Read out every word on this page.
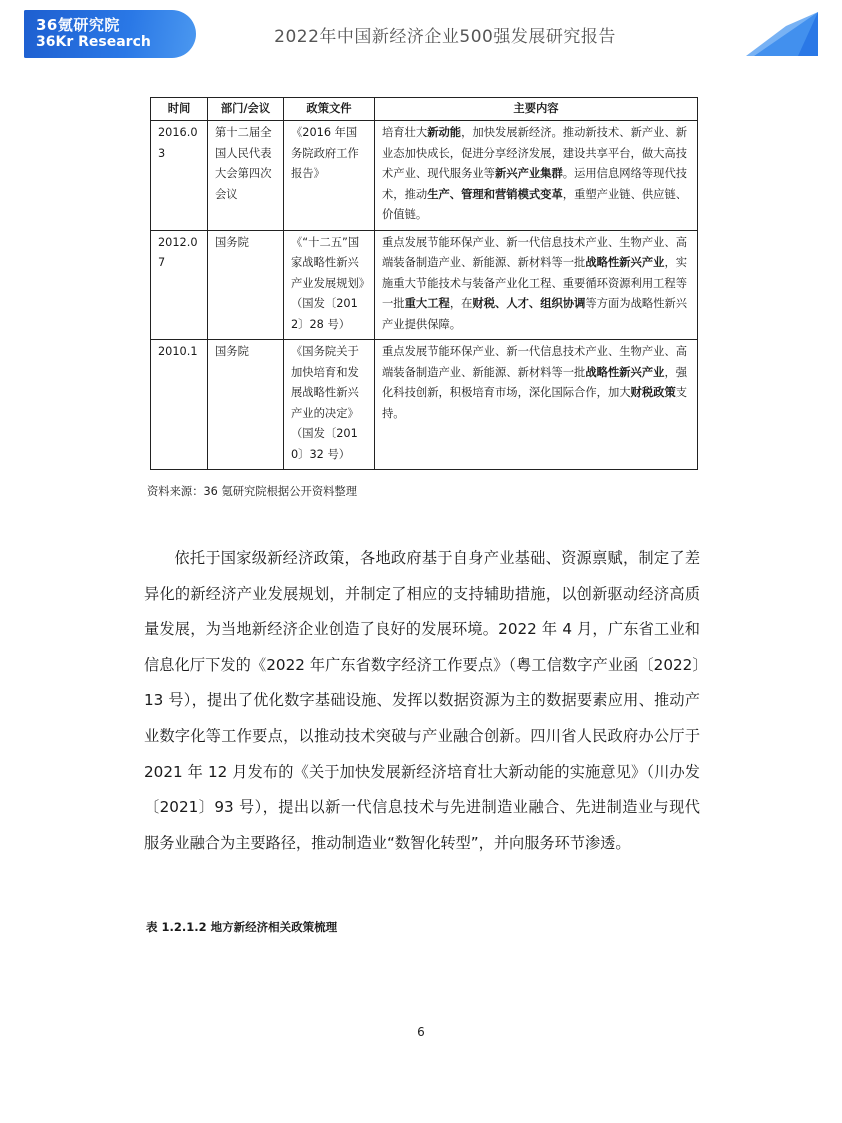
36氪研究院
36Kr Research	2022年中国新经济企业500强发展研究报告
时间	部门/会议	政策文件	主要内容
2016.03	第十二届全国人民代表大会第四次会议	《2016 年国务院政府工作报告》	培育壮大新动能，加快发展新经济。推动新技术、新产业、新业态加快成长，促进分享经济发展，建设共享平台，做大高技术产业、现代服务业等新兴产业集群。运用信息网络等现代技术，推动生产、管理和营销模式变革，重塑产业链、供应链、价值链。
2012.07	国务院	《“十二五”国家战略性新兴产业发展规划》（国发〔2012〕28 号）	重点发展节能环保产业、新一代信息技术产业、生物产业、高端装备制造产业、新能源、新材料等一批战略性新兴产业，实施重大节能技术与装备产业化工程、重要循环资源利用工程等一批重大工程，在财税、人才、组织协调等方面为战略性新兴产业提供保障。
2010.1	国务院	《国务院关于加快培育和发展战略性新兴产业的决定》（国发〔2010〕32 号）	重点发展节能环保产业、新一代信息技术产业、生物产业、高端装备制造产业、新能源、新材料等一批战略性新兴产业，强化科技创新，积极培育市场，深化国际合作，加大财税政策支持。
资料来源：36 氪研究院根据公开资料整理

依托于国家级新经济政策，各地政府基于自身产业基础、资源禀赋，制定了差异化的新经济产业发展规划，并制定了相应的支持辅助措施，以创新驱动经济高质量发展，为当地新经济企业创造了良好的发展环境。2022 年 4 月，广东省工业和信息化厅下发的《2022 年广东省数字经济工作要点》（粤工信数字产业函〔2022〕13 号），提出了优化数字基础设施、发挥以数据资源为主的数据要素应用、推动产业数字化等工作要点，以推动技术突破与产业融合创新。四川省人民政府办公厅于 2021 年 12 月发布的《关于加快发展新经济培育壮大新动能的实施意见》（川办发〔2021〕93 号），提出以新一代信息技术与先进制造业融合、先进制造业与现代服务业融合为主要路径，推动制造业“数智化转型”，并向服务环节渗透。

表 1.2.1.2 地方新经济相关政策梳理
6
